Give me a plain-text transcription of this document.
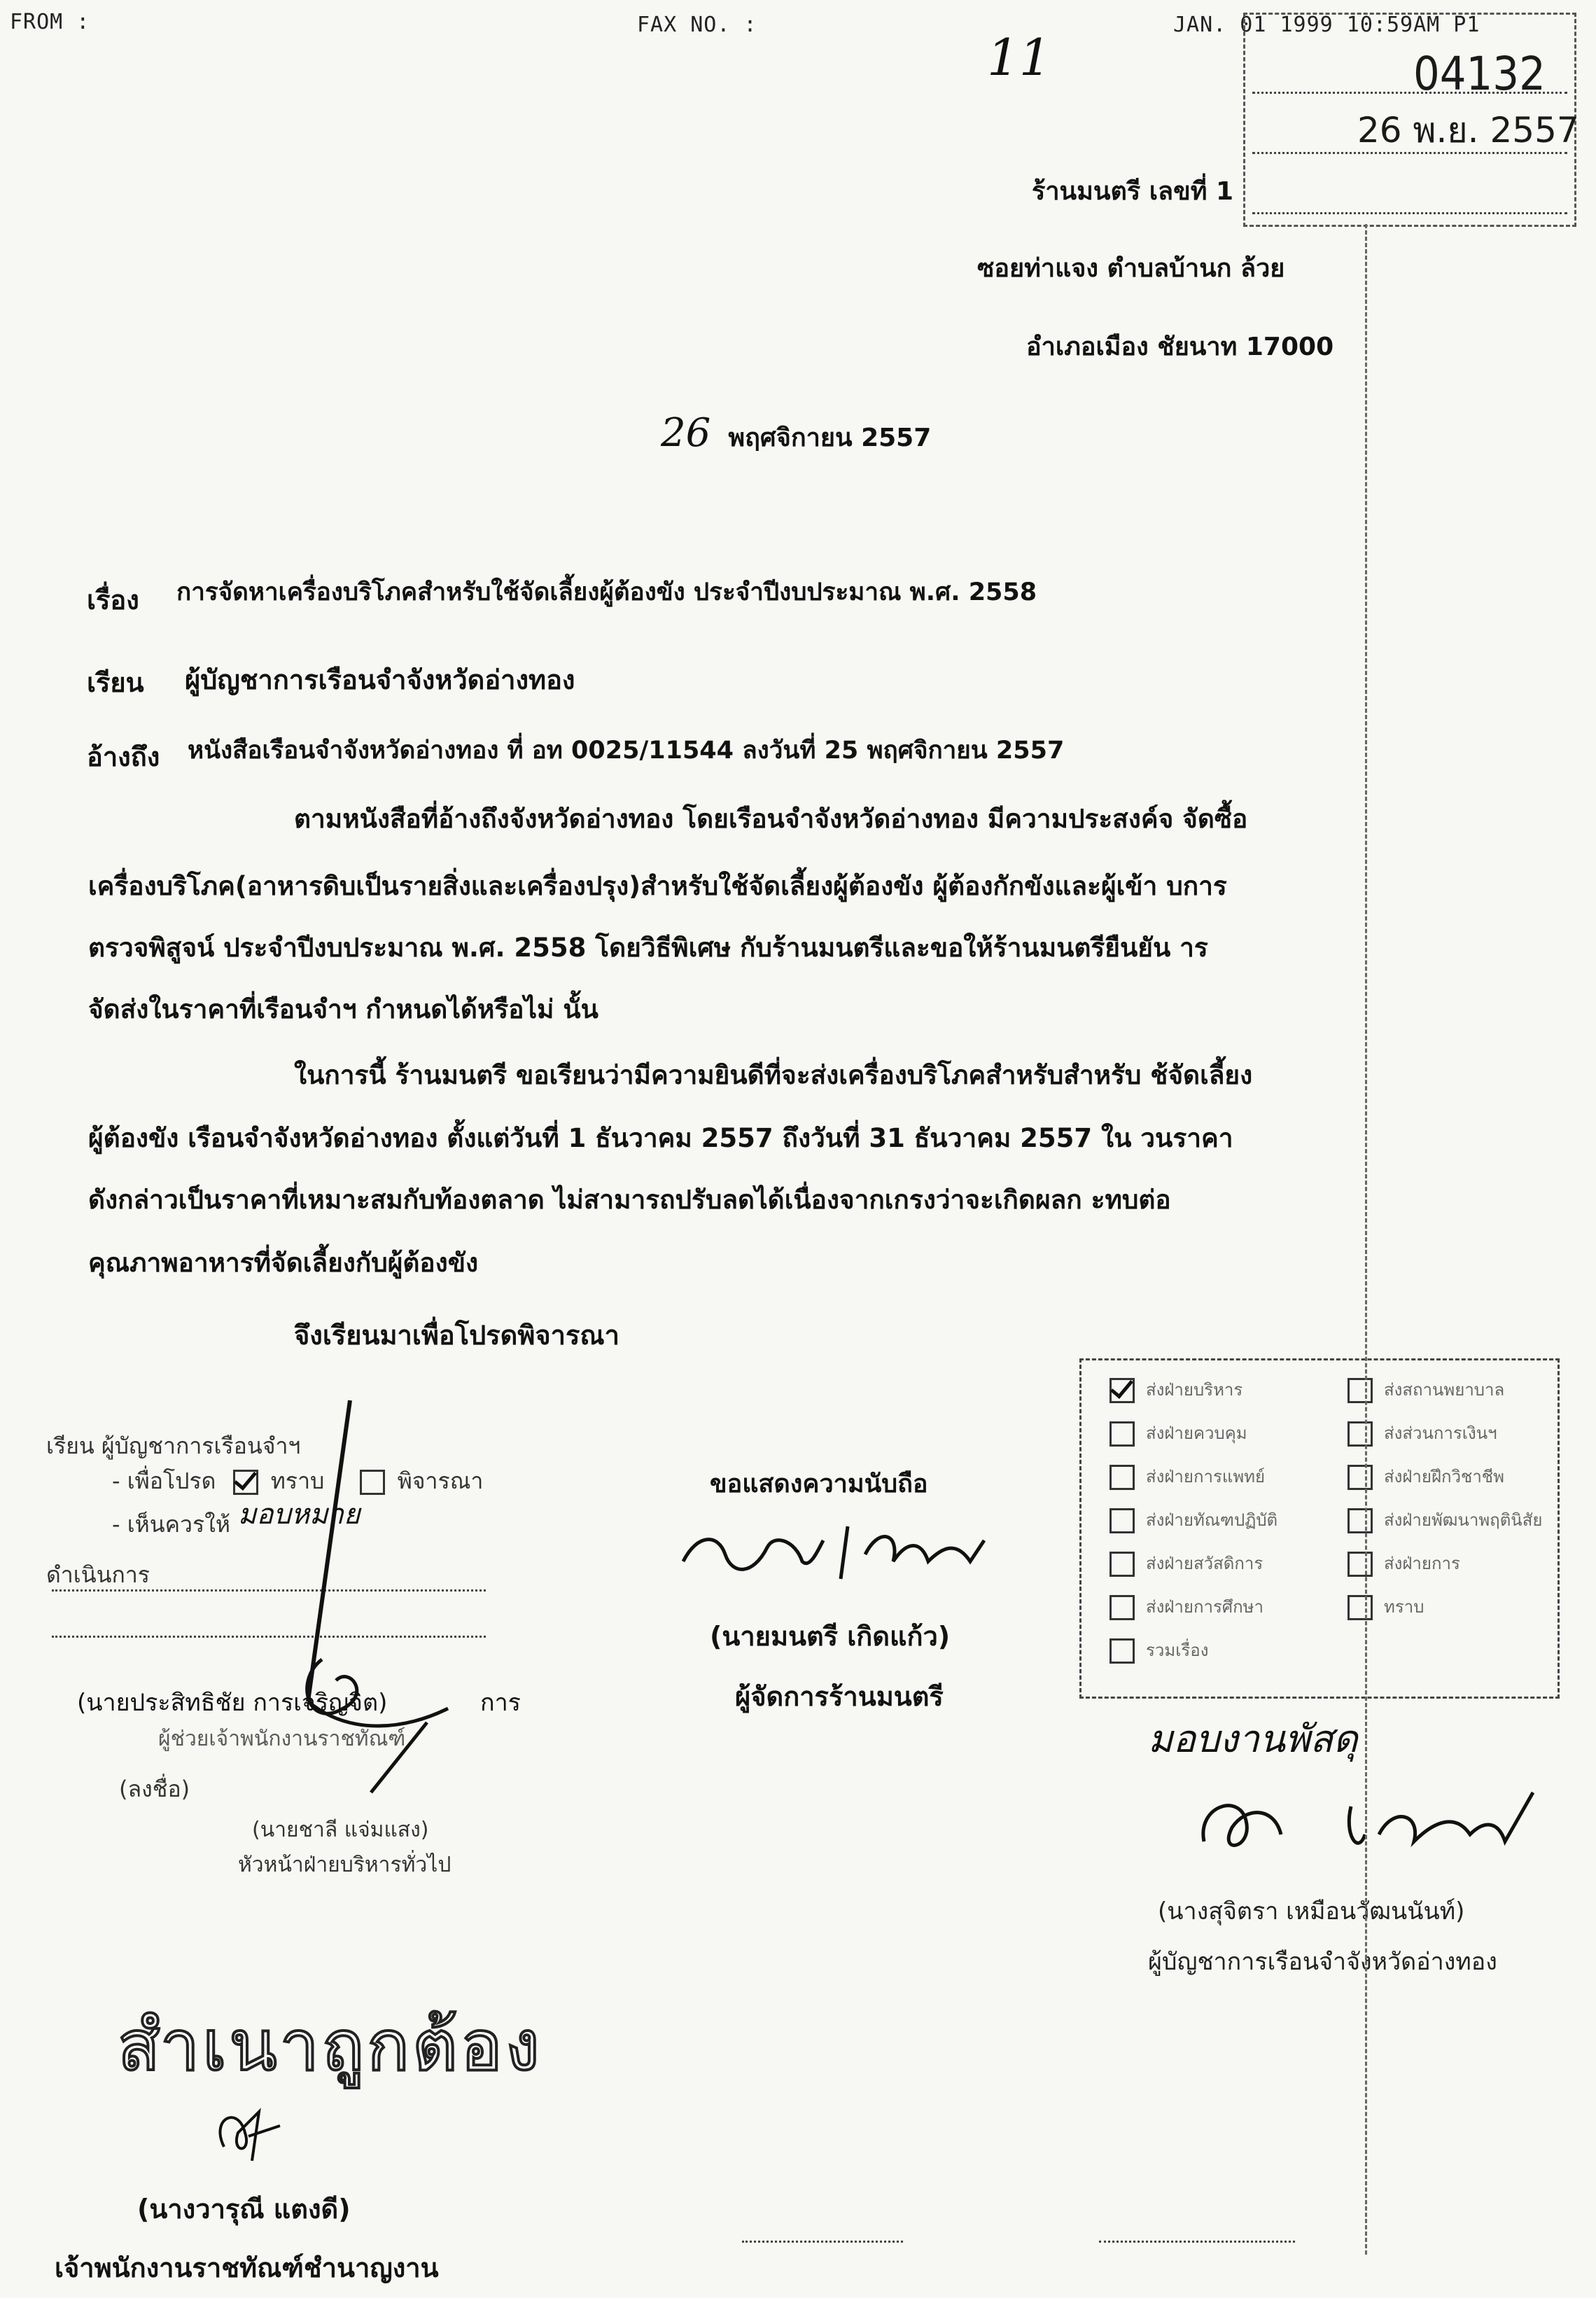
FROM :	FAX NO. :	JAN. 01 1999 10:59AM P1
11	04132
26 พ.ย. 2557
ร้านมนตรี เลขที่ 1
ซอยท่าแจง ตำบลบ้านก ล้วย
อำเภอเมือง ชัยนาท 17000
26 พฤศจิกายน 2557
เรื่อง การจัดหาเครื่องบริโภคสำหรับใช้จัดเลี้ยงผู้ต้องขัง ประจำปีงบประมาณ พ.ศ. 2558
เรียน ผู้บัญชาการเรือนจำจังหวัดอ่างทอง
อ้างถึง หนังสือเรือนจำจังหวัดอ่างทอง ที่ อท 0025/11544 ลงวันที่ 25 พฤศจิกายน 2557
ตามหนังสือที่อ้างถึงจังหวัดอ่างทอง โดยเรือนจำจังหวัดอ่างทอง มีความประสงค์จ จัดซื้อ
เครื่องบริโภค(อาหารดิบเป็นรายสิ่งและเครื่องปรุง)สำหรับใช้จัดเลี้ยงผู้ต้องขัง ผู้ต้องกักขังและผู้เข้า บการ
ตรวจพิสูจน์ ประจำปีงบประมาณ พ.ศ. 2558 โดยวิธีพิเศษ กับร้านมนตรีและขอให้ร้านมนตรียืนยัน าร
จัดส่งในราคาที่เรือนจำฯ กำหนดได้หรือไม่ นั้น
ในการนี้ ร้านมนตรี ขอเรียนว่ามีความยินดีที่จะส่งเครื่องบริโภคสำหรับสำหรับ ช้จัดเลี้ยง
ผู้ต้องขัง เรือนจำจังหวัดอ่างทอง ตั้งแต่วันที่ 1 ธันวาคม 2557 ถึงวันที่ 31 ธันวาคม 2557 ใน วนราคา
ดังกล่าวเป็นราคาที่เหมาะสมกับท้องตลาด ไม่สามารถปรับลดได้เนื่องจากเกรงว่าจะเกิดผลก ะทบต่อ
คุณภาพอาหารที่จัดเลี้ยงกับผู้ต้องขัง
จึงเรียนมาเพื่อโปรดพิจารณา
เรียน ผู้บัญชาการเรือนจำฯ
- เพื่อโปรด ทราบ	พิจารณา
- เห็นควรให้ มอบหมาย
ดำเนินการ
(นายประสิทธิชัย การเจริญจิต)	การ
ผู้ช่วยเจ้าพนักงานราชทัณฑ์
(ลงชื่อ)
(นายชาลี แจ่มแสง)
หัวหน้าฝ่ายบริหารทั่วไป
ขอแสดงความนับถือ
(นายมนตรี เกิดแก้ว)
ผู้จัดการร้านมนตรี
ส่งฝ่ายบริหาร
ส่งฝ่ายควบคุม
ส่งฝ่ายการแพทย์
ส่งฝ่ายทัณฑปฏิบัติ
ส่งฝ่ายสวัสดิการ
ส่งฝ่ายการศึกษา
รวมเรื่อง
ส่งสถานพยาบาล
ส่งส่วนการเงินฯ
ส่งฝ่ายฝึกวิชาชีพ
ส่งฝ่ายพัฒนาพฤตินิสัย
ส่งฝ่ายการ
ทราบ
มอบงานพัสดุ
(นางสุจิตรา เหมือนวัฒนนันท์)
ผู้บัญชาการเรือนจำจังหวัดอ่างทอง
สำเนาถูกต้อง
(นางวารุณี แตงดี)
เจ้าพนักงานราชทัณฑ์ชำนาญงาน
